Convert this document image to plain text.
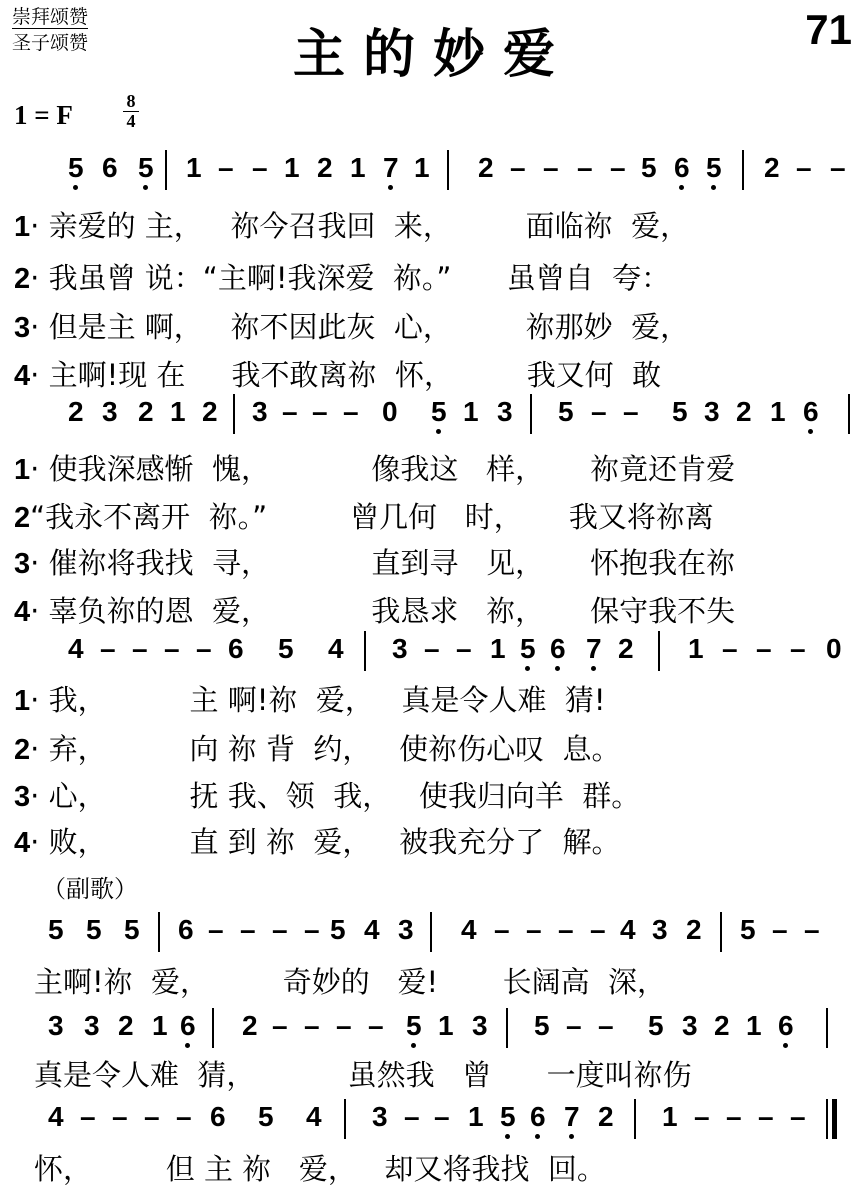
崇拜颂赞
圣子颂赞	主的妙爱	71
1 = F	8
4
5 6 5 1 – – 1 2 1 7 1 2 – – – – 5 6 5 2 – –
1· 亲爱的 主，   祢今召我回  来，        面临祢  爱，
2· 我虽曾 说：“主啊!我深爱  祢。”      虽曾自  夸：
3· 但是主 啊，   祢不因此灰  心，        祢那妙  爱，
4· 主啊!现 在     我不敢离祢  怀，        我又何  敢
2 3 2 1 2 3 – – – 0 5 1 3 5 – – 5 3 2 1 6
1· 使我深感惭  愧，           像我这   样，     祢竟还肯爱
2“我永不离开  祢。”         曾几何   时，     我又将祢离
3· 催祢将我找  寻，           直到寻   见，     怀抱我在祢
4· 辜负祢的恩  爱，           我恳求   祢，     保守我不失
4 – – – – 6 5 4 3 – – 1 5 6 7 2 1 – – – 0
1· 我，         主 啊!祢  爱，   真是令人难  猜!
2· 弃，         向 祢 背  约，   使祢伤心叹  息。
3· 心，         抚 我、领  我，   使我归向羊  群。
4· 败，         直 到 祢  爱，   被我充分了  解。
（副歌）
5 5 5 6 – – – – 5 4 3 4 – – – – 4 3 2 5 – –
主啊!祢  爱，        奇妙的   爱!       长阔高  深，
3 3 2 1 6 2 – – – – 5 1 3 5 – – 5 3 2 1 6
真是令人难  猜，          虽然我   曾      一度叫祢伤
4 – – – – 6 5 4 3 – – 1 5 6 7 2 1 – – – –
怀，        但 主 祢   爱，   却又将我找  回。
